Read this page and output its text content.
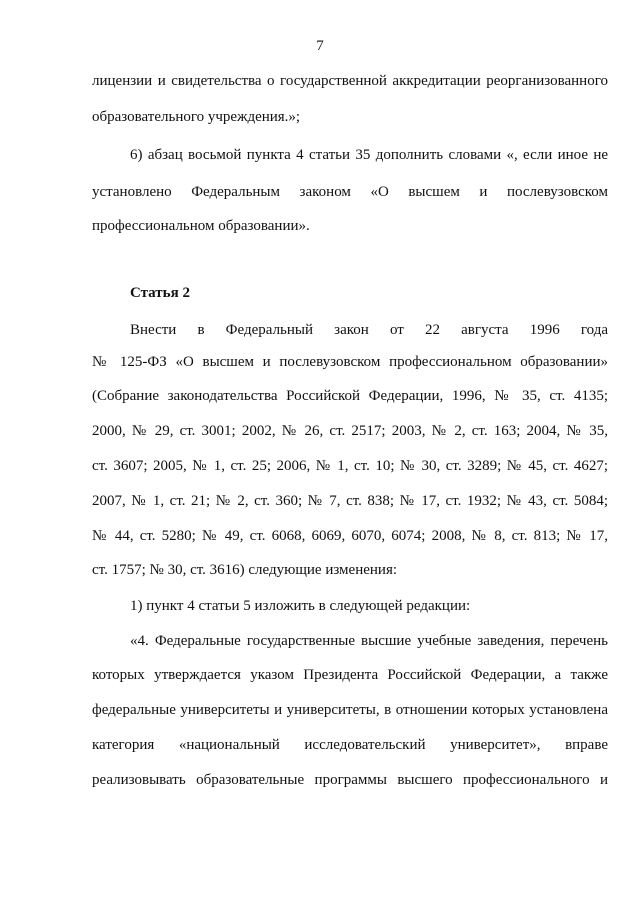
7
лицензии и свидетельства о государственной аккредитации реорганизованного
образовательного учреждения.»;
6) абзац восьмой пункта 4 статьи 35 дополнить словами «, если иное не
установлено Федеральным законом «О высшем и послевузовском
профессиональном образовании».
Статья 2
Внести в Федеральный закон от 22 августа 1996 года
№ 125-ФЗ «О высшем и послевузовском профессиональном образовании»
(Собрание законодательства Российской Федерации, 1996, № 35, ст. 4135;
2000, № 29, ст. 3001; 2002, № 26, ст. 2517; 2003, № 2, ст. 163; 2004, № 35,
ст. 3607; 2005, № 1, ст. 25; 2006, № 1, ст. 10; № 30, ст. 3289; № 45, ст. 4627;
2007, № 1, ст. 21; № 2, ст. 360; № 7, ст. 838; № 17, ст. 1932; № 43, ст. 5084;
№ 44, ст. 5280; № 49, ст. 6068, 6069, 6070, 6074; 2008, № 8, ст. 813; № 17,
ст. 1757; № 30, ст. 3616) следующие изменения:
1) пункт 4 статьи 5 изложить в следующей редакции:
«4. Федеральные государственные высшие учебные заведения, перечень
которых утверждается указом Президента Российской Федерации, а также
федеральные университеты и университеты, в отношении которых установлена
категория «национальный исследовательский университет», вправе
реализовывать образовательные программы высшего профессионального и
